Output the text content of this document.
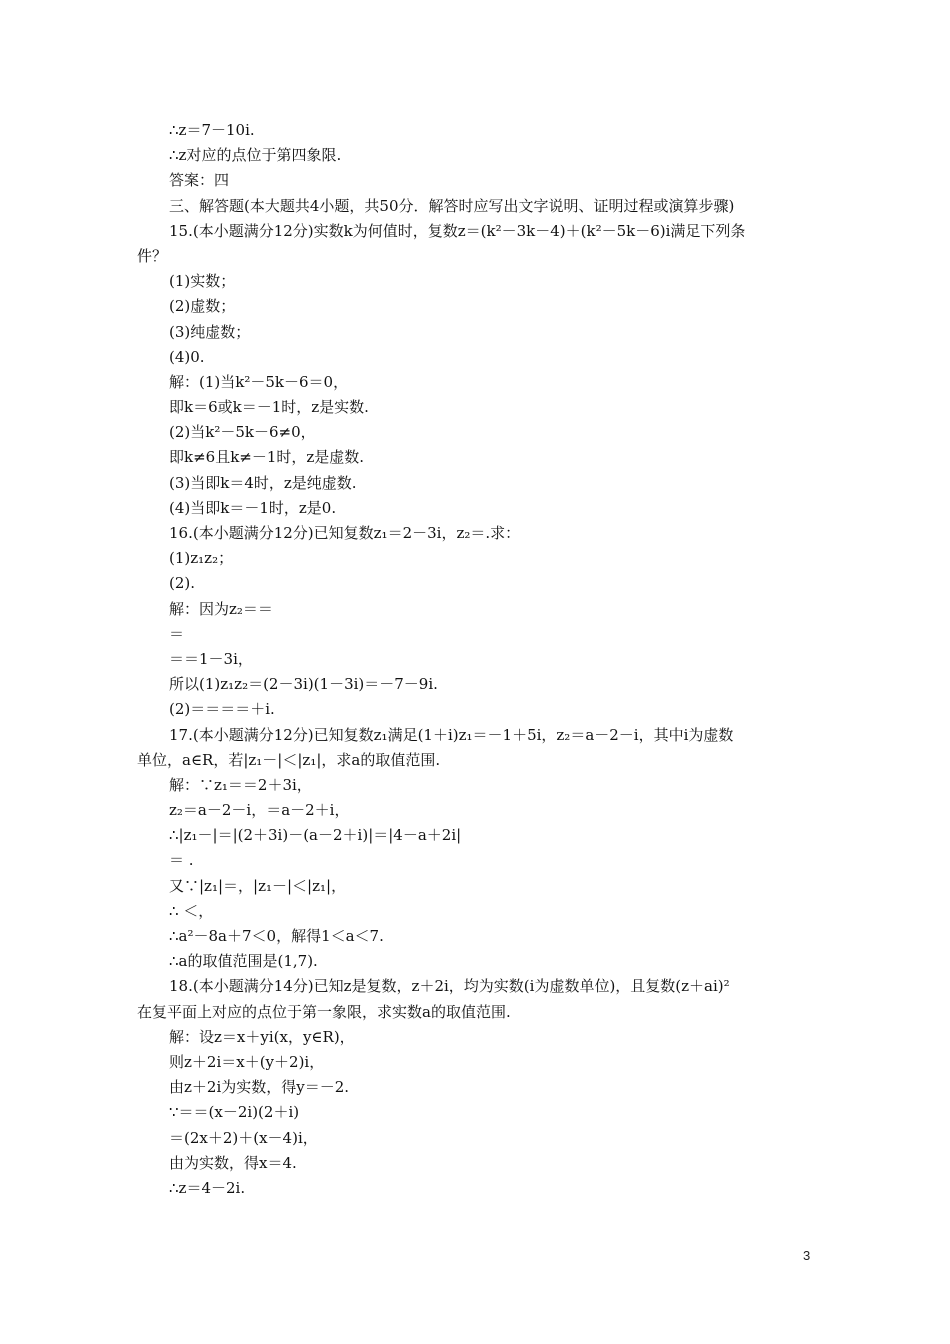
∴z＝7－10i.
∴z对应的点位于第四象限.
答案：四
三、解答题(本大题共4小题，共50分．解答时应写出文字说明、证明过程或演算步骤)
15.(本小题满分12分)实数k为何值时，复数z＝(k²－3k－4)＋(k²－5k－6)i满足下列条
件？
(1)实数；
(2)虚数；
(3)纯虚数；
(4)0.
解：(1)当k²－5k－6＝0，
即k＝6或k＝－1时，z是实数.
(2)当k²－5k－6≠0，
即k≠6且k≠－1时，z是虚数.
(3)当即k＝4时，z是纯虚数.
(4)当即k＝－1时，z是0.
16.(本小题满分12分)已知复数z₁＝2－3i，z₂＝.求：
(1)z₁z₂；
(2).
解：因为z₂＝＝
＝
＝＝1－3i，
所以(1)z₁z₂＝(2－3i)(1－3i)＝－7－9i.
(2)＝＝＝＝＋i.
17.(本小题满分12分)已知复数z₁满足(1＋i)z₁＝－1＋5i，z₂＝a－2－i，其中i为虚数
单位，a∈R，若|z₁－|＜|z₁|，求a的取值范围.
解：∵z₁＝＝2＋3i，
z₂＝a－2－i，＝a－2＋i，
∴|z₁－|＝|(2＋3i)－(a－2＋i)|＝|4－a＋2i|
＝ .
又∵|z₁|＝，|z₁－|＜|z₁|，
∴ ＜，
∴a²－8a＋7＜0，解得1＜a＜7.
∴a的取值范围是(1,7).
18.(本小题满分14分)已知z是复数，z＋2i，均为实数(i为虚数单位)，且复数(z＋ai)²
在复平面上对应的点位于第一象限，求实数a的取值范围.
解：设z＝x＋yi(x，y∈R)，
则z＋2i＝x＋(y＋2)i，
由z＋2i为实数，得y＝－2.
∵＝＝(x－2i)(2＋i)
＝(2x＋2)＋(x－4)i，
由为实数，得x＝4.
∴z＝4－2i.
3
